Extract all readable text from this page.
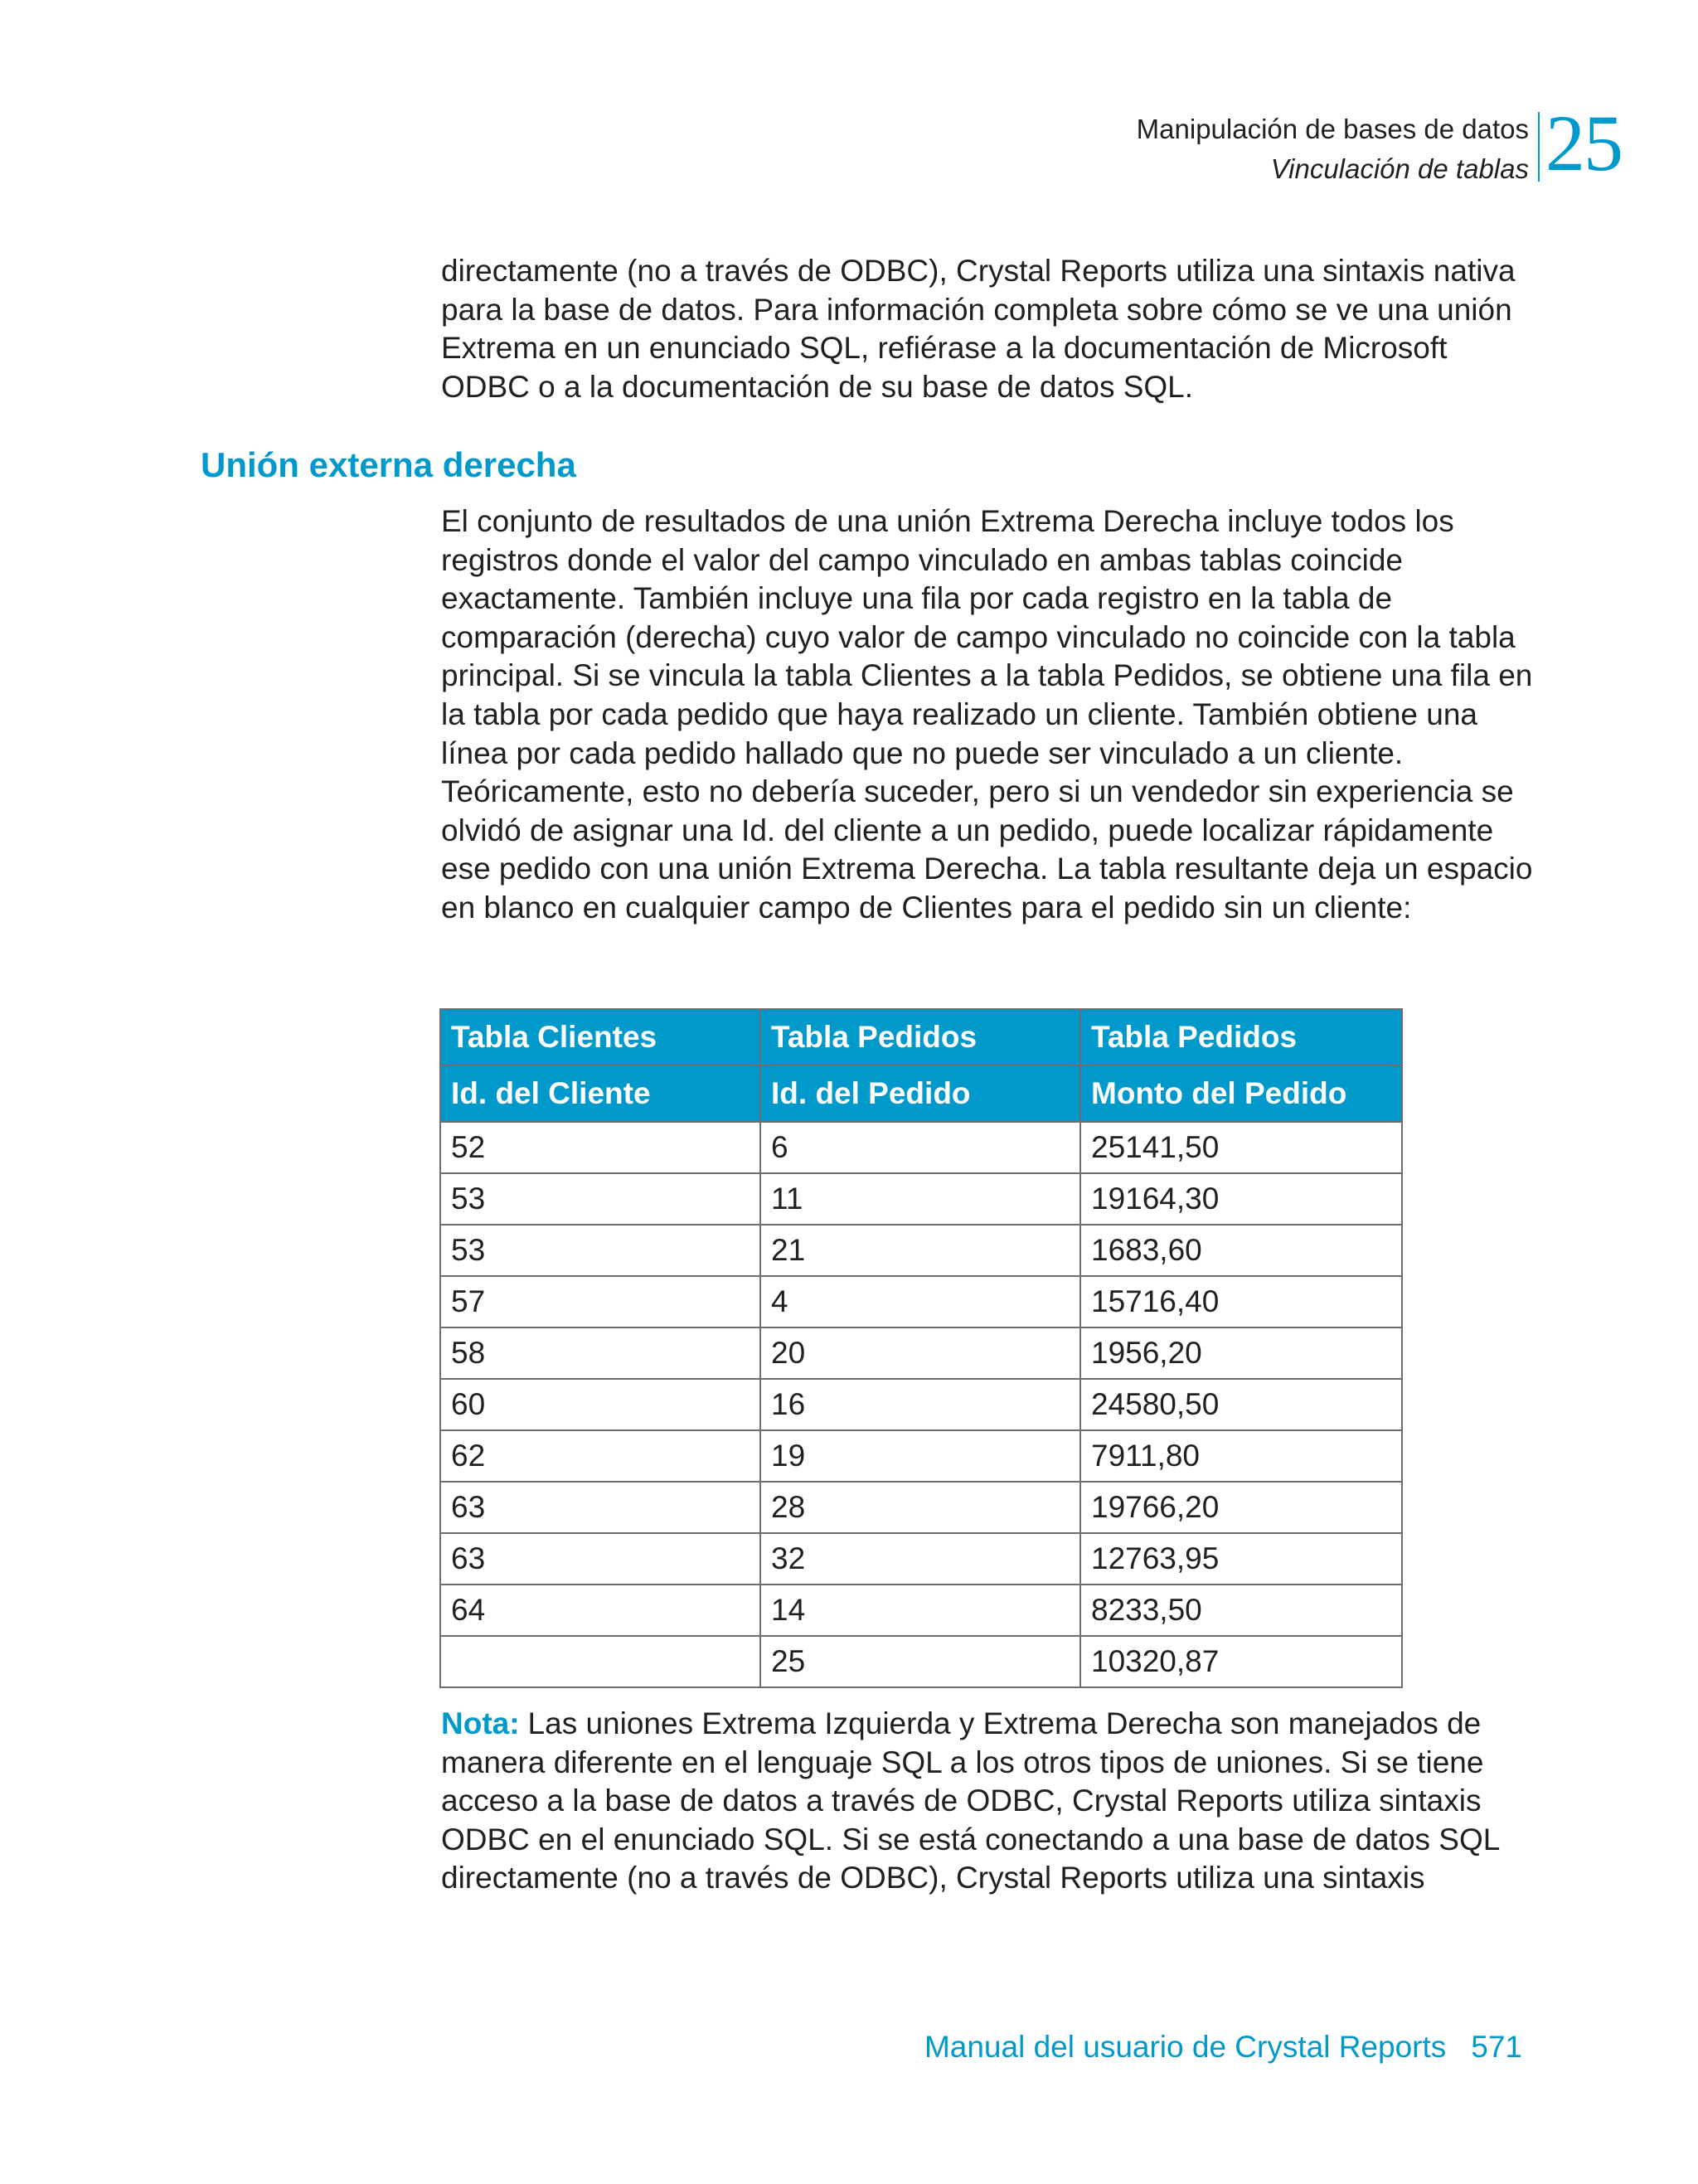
Manipulación de bases de datos
Vinculación de tablas 25

directamente (no a través de ODBC), Crystal Reports utiliza una sintaxis nativa para la base de datos. Para información completa sobre cómo se ve una unión Extrema en un enunciado SQL, refiérase a la documentación de Microsoft ODBC o a la documentación de su base de datos SQL.

Unión externa derecha

El conjunto de resultados de una unión Extrema Derecha incluye todos los registros donde el valor del campo vinculado en ambas tablas coincide exactamente. También incluye una fila por cada registro en la tabla de comparación (derecha) cuyo valor de campo vinculado no coincide con la tabla principal. Si se vincula la tabla Clientes a la tabla Pedidos, se obtiene una fila en la tabla por cada pedido que haya realizado un cliente. También obtiene una línea por cada pedido hallado que no puede ser vinculado a un cliente. Teóricamente, esto no debería suceder, pero si un vendedor sin experiencia se olvidó de asignar una Id. del cliente a un pedido, puede localizar rápidamente ese pedido con una unión Extrema Derecha. La tabla resultante deja un espacio en blanco en cualquier campo de Clientes para el pedido sin un cliente:

Tabla Clientes	Tabla Pedidos	Tabla Pedidos
Id. del Cliente	Id. del Pedido	Monto del Pedido
52	6	25141,50
53	11	19164,30
53	21	1683,60
57	4	15716,40
58	20	1956,20
60	16	24580,50
62	19	7911,80
63	28	19766,20
63	32	12763,95
64	14	8233,50
	25	10320,87

Nota: Las uniones Extrema Izquierda y Extrema Derecha son manejados de manera diferente en el lenguaje SQL a los otros tipos de uniones. Si se tiene acceso a la base de datos a través de ODBC, Crystal Reports utiliza sintaxis ODBC en el enunciado SQL. Si se está conectando a una base de datos SQL directamente (no a través de ODBC), Crystal Reports utiliza una sintaxis

Manual del usuario de Crystal Reports 571
